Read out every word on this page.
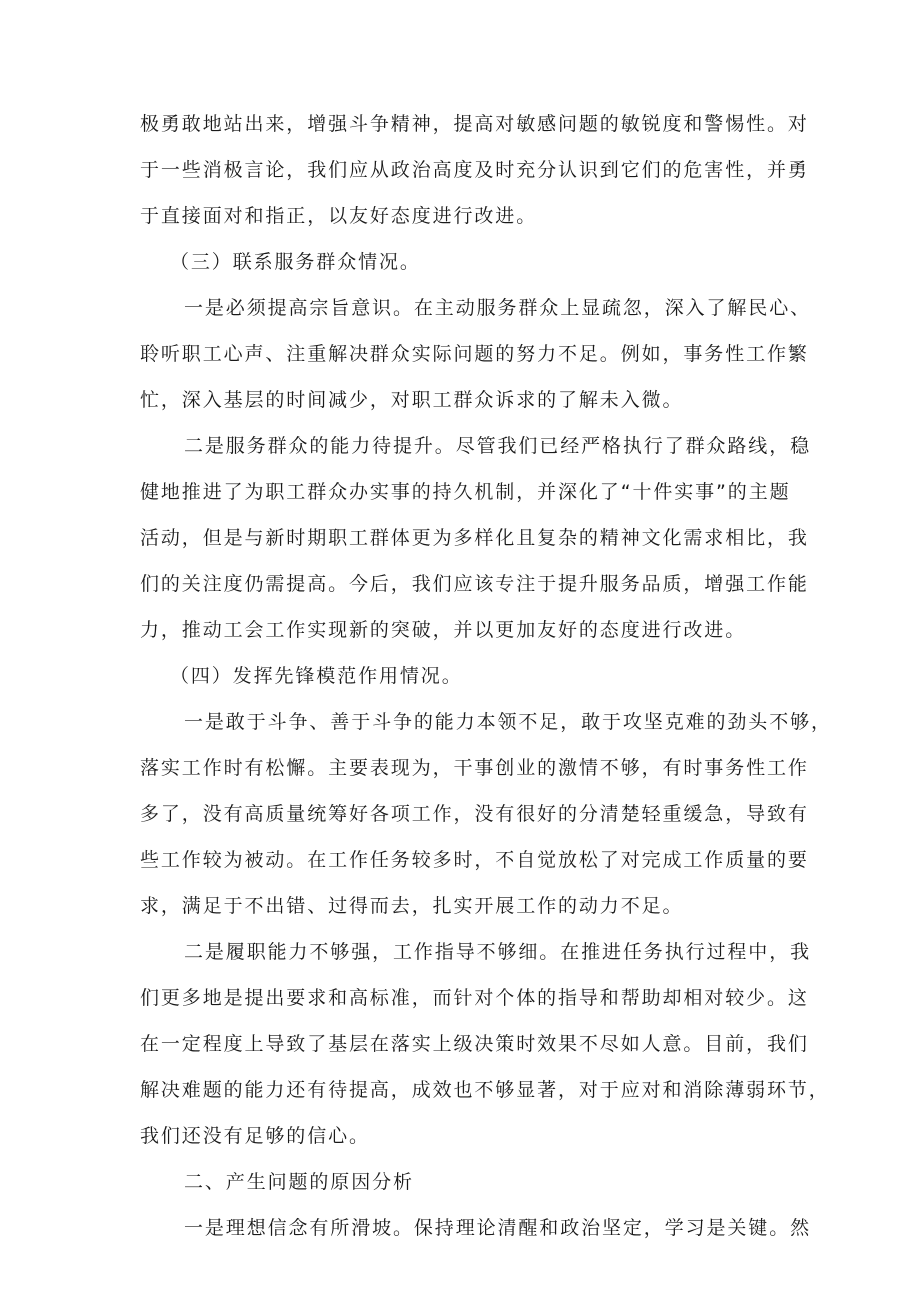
极勇敢地站出来，增强斗争精神，提高对敏感问题的敏锐度和警惕性。对
于一些消极言论，我们应从政治高度及时充分认识到它们的危害性，并勇
于直接面对和指正，以友好态度进行改进。
（三）联系服务群众情况。
一是必须提高宗旨意识。在主动服务群众上显疏忽，深入了解民心、
聆听职工心声、注重解决群众实际问题的努力不足。例如，事务性工作繁
忙，深入基层的时间减少，对职工群众诉求的了解未入微。
二是服务群众的能力待提升。尽管我们已经严格执行了群众路线，稳
健地推进了为职工群众办实事的持久机制，并深化了“十件实事”的主题
活动，但是与新时期职工群体更为多样化且复杂的精神文化需求相比，我
们的关注度仍需提高。今后，我们应该专注于提升服务品质，增强工作能
力，推动工会工作实现新的突破，并以更加友好的态度进行改进。
（四）发挥先锋模范作用情况。
一是敢于斗争、善于斗争的能力本领不足，敢于攻坚克难的劲头不够，
落实工作时有松懈。主要表现为，干事创业的激情不够，有时事务性工作
多了，没有高质量统筹好各项工作，没有很好的分清楚轻重缓急，导致有
些工作较为被动。在工作任务较多时，不自觉放松了对完成工作质量的要
求，满足于不出错、过得而去，扎实开展工作的动力不足。
二是履职能力不够强，工作指导不够细。在推进任务执行过程中，我
们更多地是提出要求和高标准，而针对个体的指导和帮助却相对较少。这
在一定程度上导致了基层在落实上级决策时效果不尽如人意。目前，我们
解决难题的能力还有待提高，成效也不够显著，对于应对和消除薄弱环节，
我们还没有足够的信心。
二、产生问题的原因分析
一是理想信念有所滑坡。保持理论清醒和政治坚定，学习是关键。然
